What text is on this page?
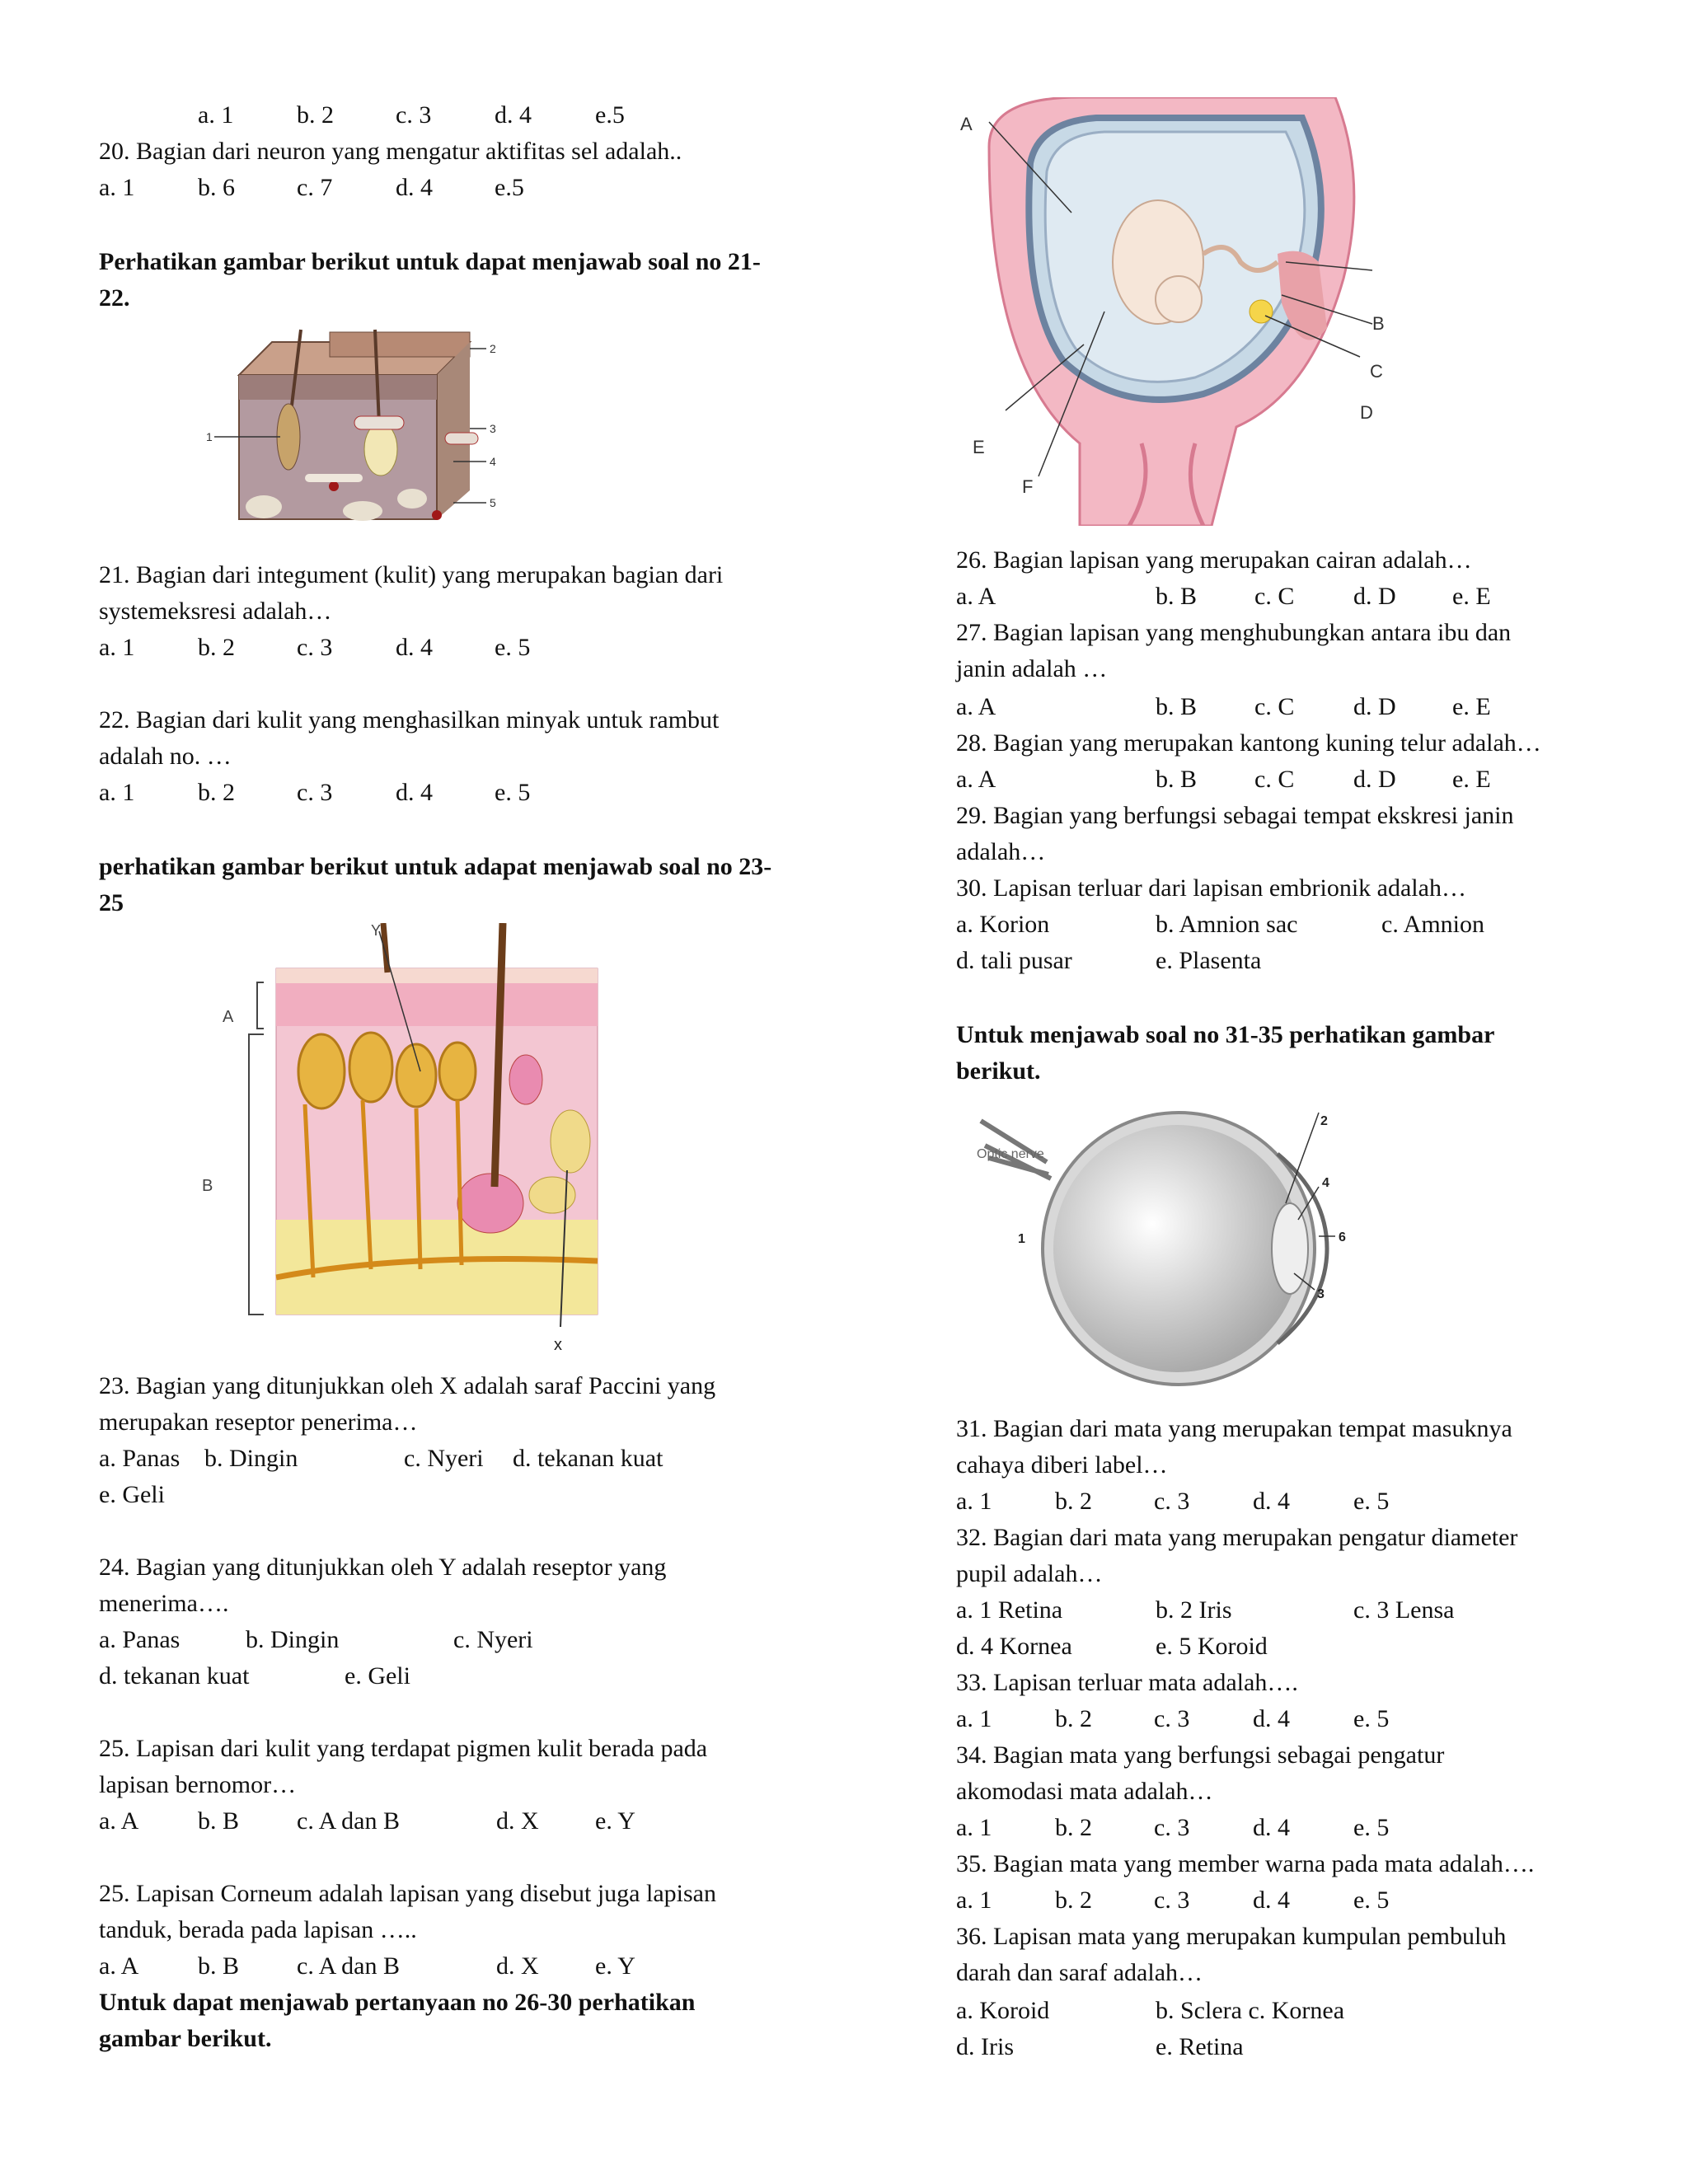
a. 1	b. 2	c. 3	d. 4	e.5
20. Bagian dari neuron yang mengatur aktifitas sel adalah..
a. 1	b. 6	c. 7	d. 4	e.5
Perhatikan gambar berikut untuk dapat menjawab soal no 21-
22.
1
2
3
4
5
21. Bagian dari integument (kulit) yang merupakan bagian dari
systemeksresi adalah…
a. 1	b. 2	c. 3	d. 4	e. 5
22. Bagian dari kulit yang menghasilkan minyak untuk rambut
adalah no. …
a. 1	b. 2	c. 3	d. 4	e. 5
perhatikan gambar berikut untuk adapat menjawab soal no 23-
25
A
B
Y
x
23. Bagian yang ditunjukkan oleh X adalah saraf Paccini yang
merupakan reseptor penerima…
a. Panas b. Dingin	c. Nyeri d. tekanan kuat
e. Geli
24. Bagian yang ditunjukkan oleh Y adalah reseptor yang
menerima….
a. Panas	b. Dingin	c. Nyeri
d. tekanan kuat	e. Geli
25. Lapisan dari kulit yang terdapat pigmen kulit berada pada
lapisan bernomor…
a. A b. B c. A dan B	d. X e. Y
25. Lapisan Corneum adalah lapisan yang disebut juga lapisan
tanduk, berada pada lapisan …..
a. A b. B c. A dan B	d. X e. Y
Untuk dapat menjawab pertanyaan no 26-30 perhatikan
gambar berikut.
A
B
C
D
E
F
26. Bagian lapisan yang merupakan cairan adalah…
a. A	b. B c. C d. D e. E
27. Bagian lapisan yang menghubungkan antara ibu dan
janin adalah …
a. A	b. B c. C d. D e. E
28. Bagian yang merupakan kantong kuning telur adalah…
a. A	b. B c. C d. D e. E
29. Bagian yang berfungsi sebagai tempat ekskresi janin
adalah…
30. Lapisan terluar dari lapisan embrionik adalah…
a. Korion	b. Amnion sac	c. Amnion
d. tali pusar	e. Plasenta
Untuk menjawab soal no 31-35 perhatikan gambar
berikut.
Optic nerve
1
2
3
4
6
31. Bagian dari mata yang merupakan tempat masuknya
cahaya diberi label…
a. 1	b. 2	c. 3	d. 4	e. 5
32. Bagian dari mata yang merupakan pengatur diameter
pupil adalah…
a. 1 Retina	b. 2 Iris	c. 3 Lensa
d. 4 Kornea	e. 5 Koroid
33. Lapisan terluar mata adalah….
a. 1	b. 2	c. 3	d. 4	e. 5
34. Bagian mata yang berfungsi sebagai pengatur
akomodasi mata adalah…
a. 1	b. 2	c. 3	d. 4	e. 5
35. Bagian mata yang member warna pada mata adalah….
a. 1	b. 2	c. 3	d. 4	e. 5
36. Lapisan mata yang merupakan kumpulan pembuluh
darah dan saraf adalah…
a. Koroid	b. Sclera c. Kornea
d. Iris	e. Retina
